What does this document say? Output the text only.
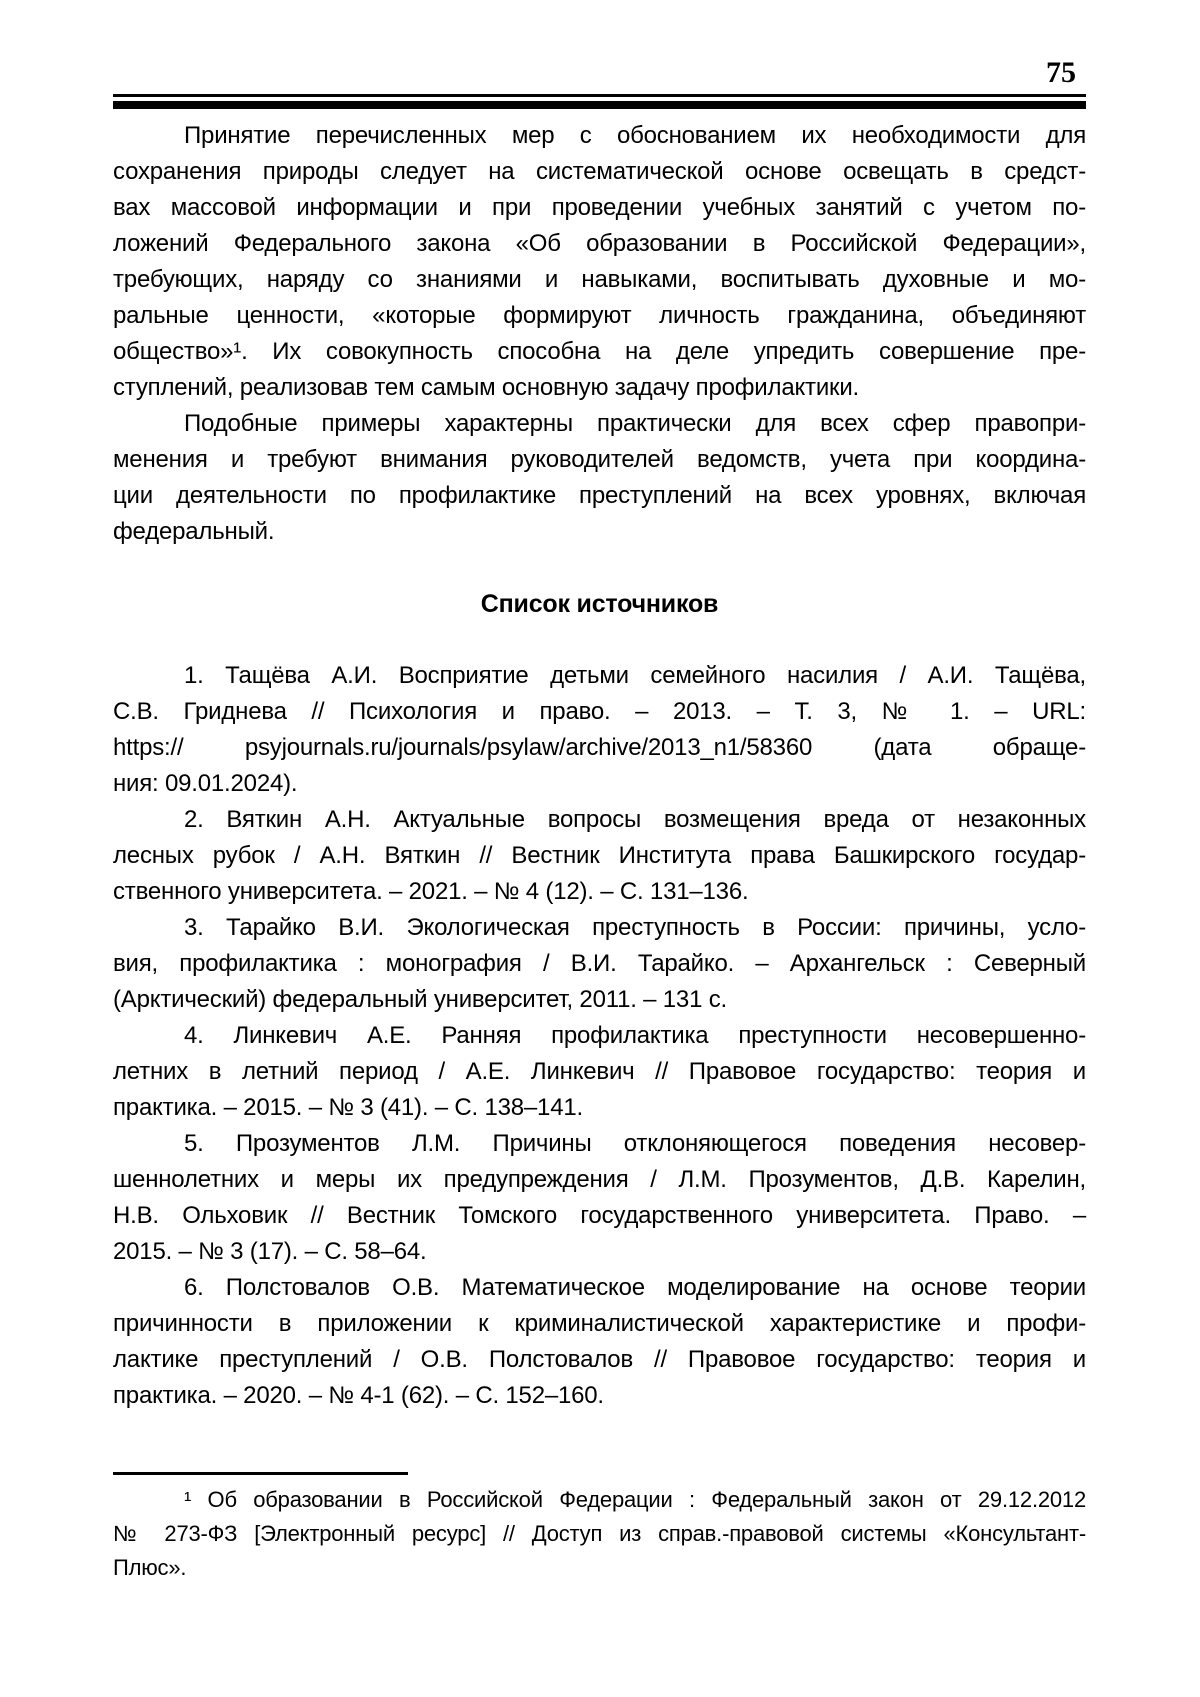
75
Принятие перечисленных мер с обоснованием их необходимости для
сохранения природы следует на систематической основе освещать в средст-
вах массовой информации и при проведении учебных занятий с учетом по-
ложений Федерального закона «Об образовании в Российской Федерации»,
требующих, наряду со знаниями и навыками, воспитывать духовные и мо-
ральные ценности, «которые формируют личность гражданина, объединяют
общество»¹. Их совокупность способна на деле упредить совершение пре-
ступлений, реализовав тем самым основную задачу профилактики.
Подобные примеры характерны практически для всех сфер правопри-
менения и требуют внимания руководителей ведомств, учета при координа-
ции деятельности по профилактике преступлений на всех уровнях, включая
федеральный.
Список источников
1. Тащёва А.И. Восприятие детьми семейного насилия / А.И. Тащёва,
С.В. Гриднева // Психология и право. – 2013. – Т. 3, № 1. – URL:
https:// psyjournals.ru/journals/psylaw/archive/2013_n1/58360 (дата обраще-
ния: 09.01.2024).
2. Вяткин А.Н. Актуальные вопросы возмещения вреда от незаконных
лесных рубок / А.Н. Вяткин // Вестник Института права Башкирского государ-
ственного университета. – 2021. – № 4 (12). – С. 131–136.
3. Тарайко В.И. Экологическая преступность в России: причины, усло-
вия, профилактика : монография / В.И. Тарайко. – Архангельск : Северный
(Арктический) федеральный университет, 2011. – 131 с.
4. Линкевич А.Е. Ранняя профилактика преступности несовершенно-
летних в летний период / А.Е. Линкевич // Правовое государство: теория и
практика. – 2015. – № 3 (41). – С. 138–141.
5. Прозументов Л.М. Причины отклоняющегося поведения несовер-
шеннолетних и меры их предупреждения / Л.М. Прозументов, Д.В. Карелин,
Н.В. Ольховик // Вестник Томского государственного университета. Право. –
2015. – № 3 (17). – С. 58–64.
6. Полстовалов О.В. Математическое моделирование на основе теории
причинности в приложении к криминалистической характеристике и профи-
лактике преступлений / О.В. Полстовалов // Правовое государство: теория и
практика. – 2020. – № 4-1 (62). – С. 152–160.
¹ Об образовании в Российской Федерации : Федеральный закон от 29.12.2012
№ 273-ФЗ [Электронный ресурс] // Доступ из справ.-правовой системы «Консультант-
Плюс».
